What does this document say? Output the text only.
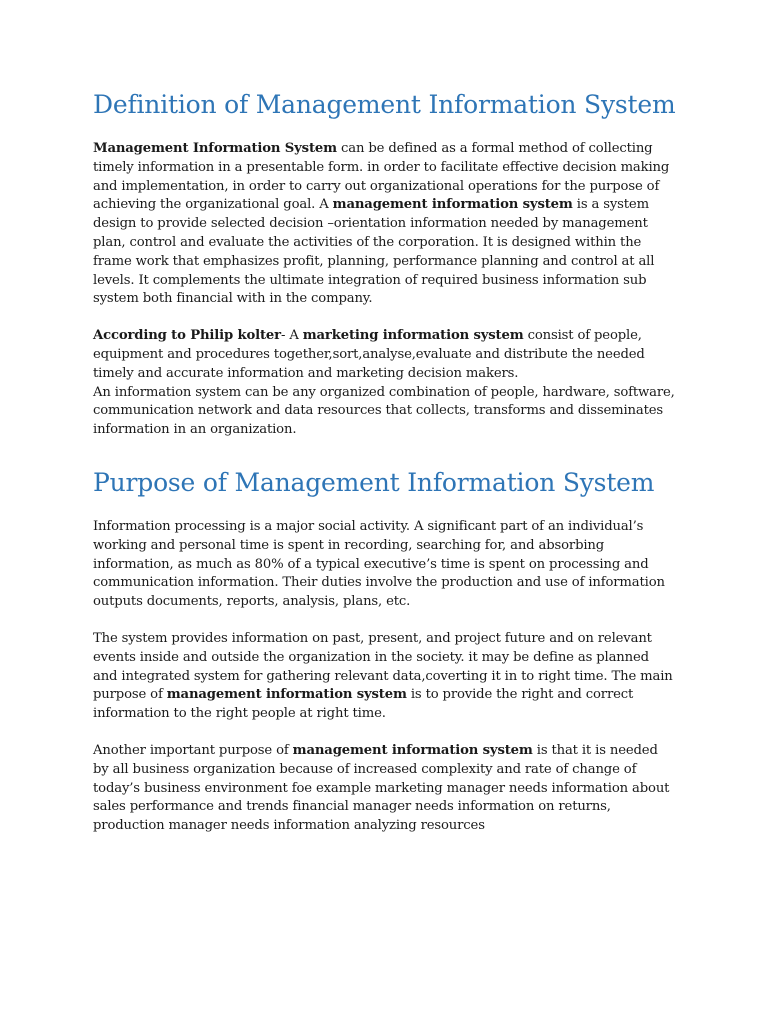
Definition of Management Information System

Management Information System can be defined as a formal method of collecting timely information in a presentable form. in order to facilitate effective decision making and implementation, in order to carry out organizational operations for the purpose of achieving the organizational goal. A management information system is a system design to provide selected decision –orientation information needed by management plan, control and evaluate the activities of the corporation. It is designed within the frame work that emphasizes profit, planning, performance planning and control at all levels. It complements the ultimate integration of required business information sub system both financial with in the company.

According to Philip kolter- A marketing information system consist of people, equipment and procedures together,sort,analyse,evaluate and distribute the needed timely and accurate information and marketing decision makers.

An information system can be any organized combination of people, hardware, software, communication network and data resources that collects, transforms and disseminates information in an organization.

Purpose of Management Information System

Information processing is a major social activity. A significant part of an individual’s working and personal time is spent in recording, searching for, and absorbing information, as much as 80% of a typical executive’s time is spent on processing and communication information. Their duties involve the production and use of information outputs documents, reports, analysis, plans, etc.

The system provides information on past, present, and project future and on relevant events inside and outside the organization in the society. it may be define as planned and integrated system for gathering relevant data,coverting it in to right time. The main purpose of management information system is to provide the right and correct information to the right people at right time.

Another important purpose of management information system is that it is needed by all business organization because of increased complexity and rate of change of today’s business environment foe example marketing manager needs information about sales performance and trends financial manager needs information on returns, production manager needs information analyzing resources
